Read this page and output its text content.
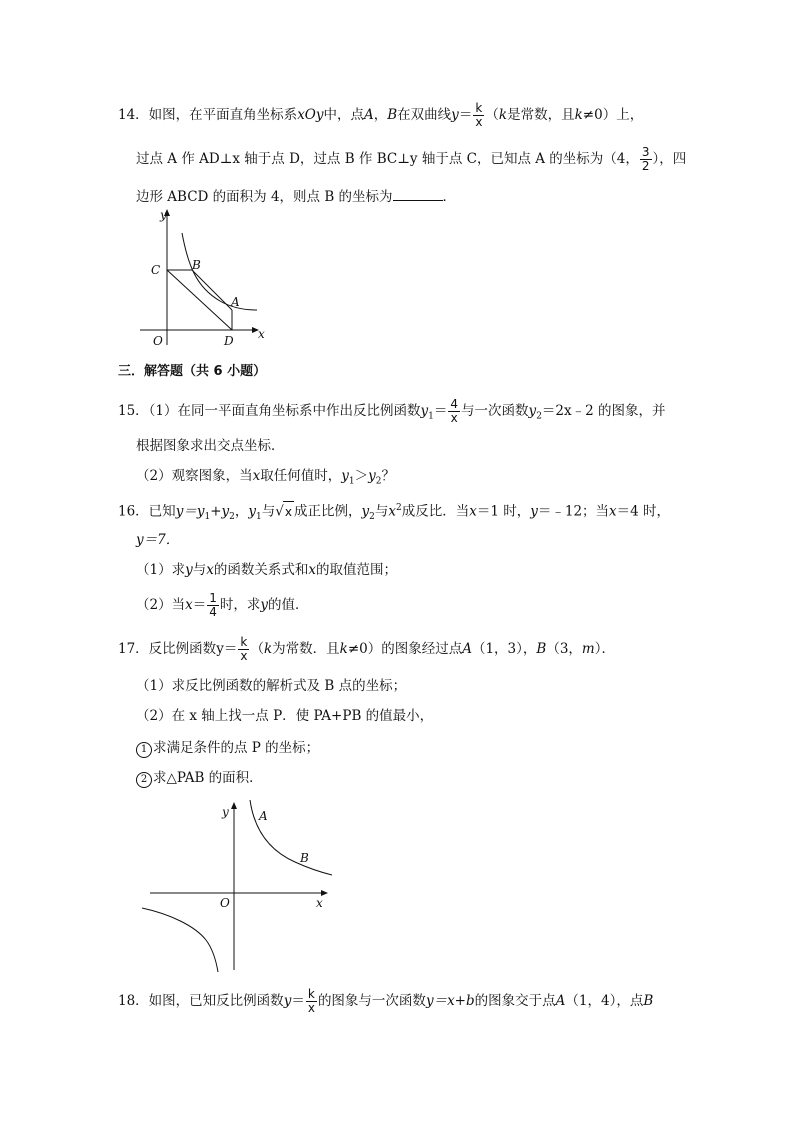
14．如图，在平面直角坐标系xOy中，点A，B在双曲线$y= \frac{k}{x} (k$是常数，且k≠0）上，
过点 A 作 AD⊥x 轴于点 D，过点 B 作 BC⊥y 轴于点 C，已知点 A 的坐标为（4， $\frac{3}{2}$ ），四
边形 ABCD 的面积为 4，则点 B 的坐标为	．
y
x
C	B
A
O	D
三．解答题（共 6 小题）
15．（1）在同一平面直角坐标系中作出反比例函数$y_1= \frac{4}{x}$ 与一次函数$y_2=2x﹣2$ 的图象，并
根据图象求出交点坐标．
（2）观察图象，当x取任何值时，$y_1>y_2$？
16．已知$y=y_1+y_2$，$y_1$与√x 成正比例，$y_2$与$x^2$成反比．当x＝1 时，y＝﹣12；当x＝4 时，
y＝7．
（1）求y与x的函数关系式和x的取值范围；
（2）当$x= \frac{1}{4}$ 时，求y的值．
17．反比例函数$y= \frac{k}{x} (k$为常数．且k≠0）的图象经过点A（1，3），B（3，m）．
（1）求反比例函数的解析式及 B 点的坐标；
（2）在 x 轴上找一点 P．使 PA+PB 的值最小，
1 求满足条件的点 P 的坐标；
2 求△PAB 的面积．
y	A
B
O	x
18．如图，已知反比例函数$y= \frac{k}{x}$ 的图象与一次函数y＝x+b的图象交于点A（1，4），点B
